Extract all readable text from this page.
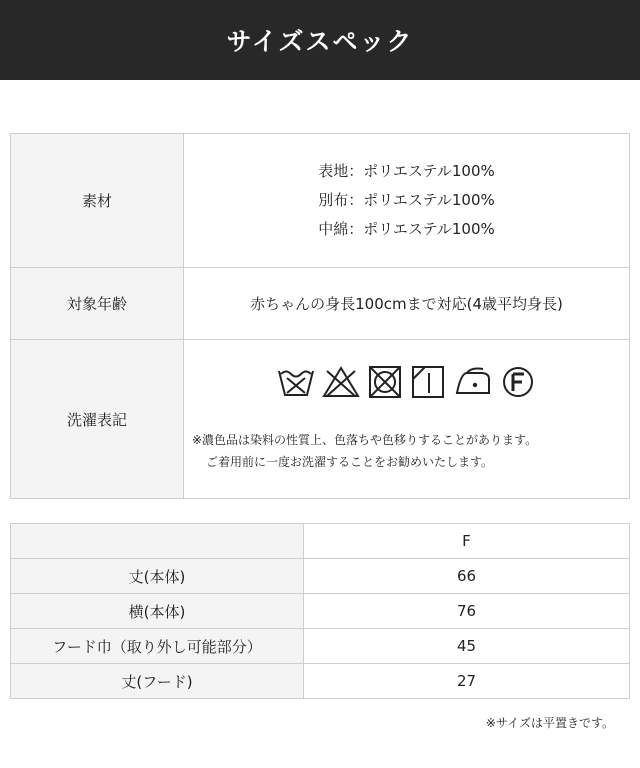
サイズスペック
素材	表地：ポリエステル100%
別布：ポリエステル100%
中綿：ポリエステル100%

対象年齢	赤ちゃんの身長100cmまで対応(4歳平均身長)
洗濯表記	※濃色品は染料の性質上、色落ちや色移りすることがあります。
ご着用前に一度お洗濯することをお勧めいたします。
	F
丈(本体)	66
横(本体)	76
フード巾（取り外し可能部分）	45
丈(フード)	27
※サイズは平置きです。
